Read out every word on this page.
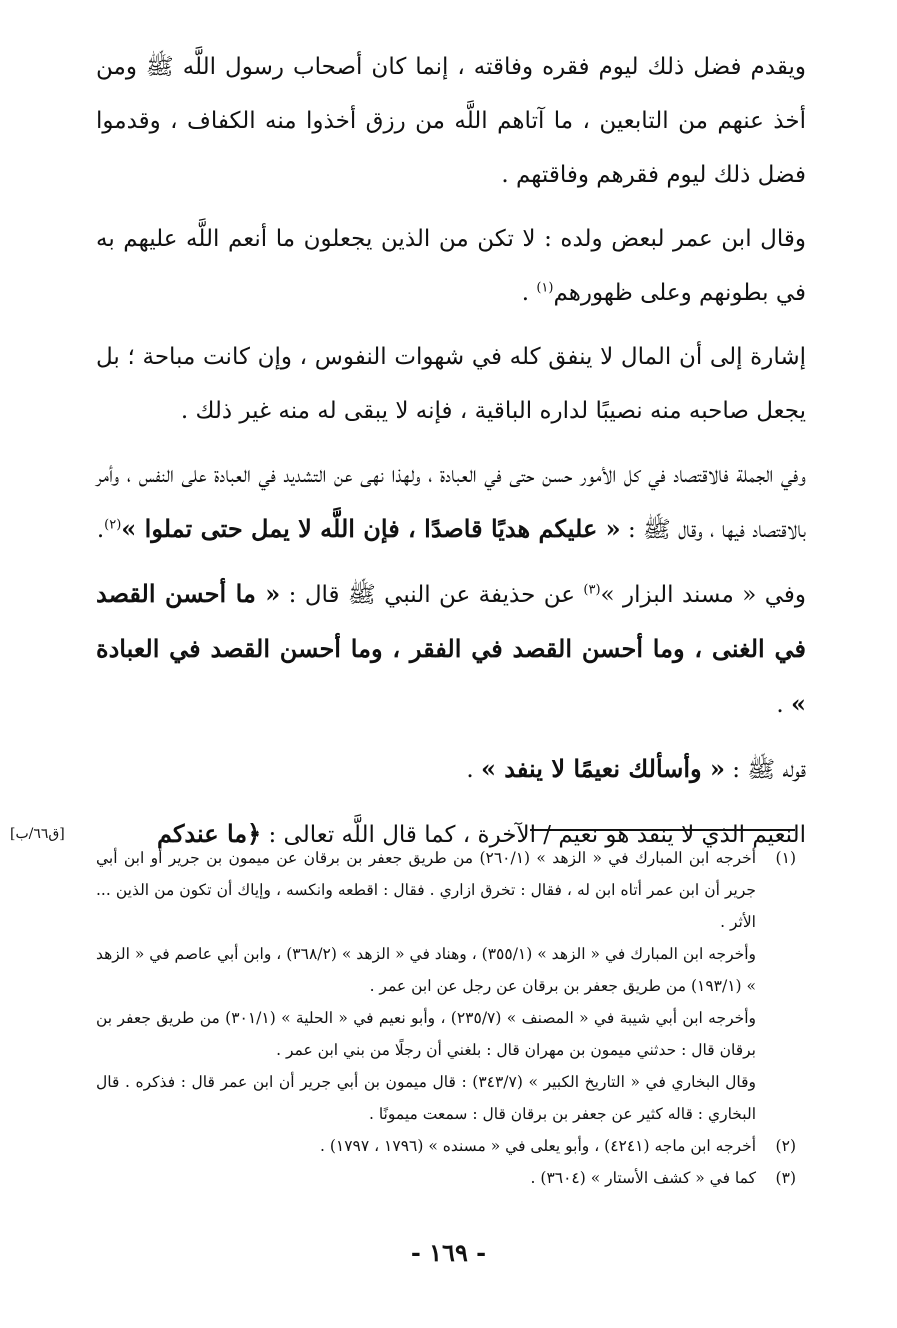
ويقدم فضل ذلك ليوم فقره وفاقته ، إنما كان أصحاب رسول اللَّه ﷺ ومن أخذ عنهم من التابعين ، ما آتاهم اللَّه من رزق أخذوا منه الكفاف ، وقدموا فضل ذلك ليوم فقرهم وفاقتهم .

وقال ابن عمر لبعض ولده : لا تكن من الذين يجعلون ما أنعم اللَّه عليهم به في بطونهم وعلى ظهورهم$^{(١)}$ .

إشارة إلى أن المال لا ينفق كله في شهوات النفوس ، وإن كانت مباحة ؛ بل يجعل صاحبه منه نصيبًا لداره الباقية ، فإنه لا يبقى له منه غير ذلك .

وفي الجملة فالاقتصاد في كل الأمور حسن حتى في العبادة ، ولهذا نهى عن التشديد في العبادة على النفس ، وأمر بالاقتصاد فيها ، وقال ﷺ : « عليكم هديًا قاصدًا ، فإن اللَّه لا يمل حتى تملوا »$^{(٢)}$.

وفي « مسند البزار »$^{(٣)}$ عن حذيفة عن النبي ﷺ قال : « ما أحسن القصد في الغنى ، وما أحسن القصد في الفقر ، وما أحسن القصد في العبادة » .

قوله ﷺ : « وأسألك نعيمًا لا ينفد » .

النعيم الذي لا ينفد هو نعيم / الآخرة ، كما قال اللَّه تعالى : ﴿ما عندكم
[ق٦٦/ب]

(١)
أخرجه ابن المبارك في « الزهد » (٢٦٠/١) من طريق جعفر بن برقان عن ميمون بن جرير أو ابن أبي جرير أن ابن عمر أتاه ابن له ، فقال : تخرق ازاري . فقال : اقطعه وانكسه ، وإياك أن تكون من الذين ... الأثر .
وأخرجه ابن المبارك في « الزهد » (٣٥٥/١) ، وهناد في « الزهد » (٣٦٨/٢) ، وابن أبي عاصم في « الزهد » (١٩٣/١) من طريق جعفر بن برقان عن رجل عن ابن عمر .
وأخرجه ابن أبي شيبة في « المصنف » (٢٣٥/٧) ، وأبو نعيم في « الحلية » (٣٠١/١) من طريق جعفر بن برقان قال : حدثني ميمون بن مهران قال : بلغني أن رجلًا من بني ابن عمر .
وقال البخاري في « التاريخ الكبير » (٣٤٣/٧) : قال ميمون بن أبي جرير أن ابن عمر قال : فذكره . قال البخاري : قاله كثير عن جعفر بن برقان قال : سمعت ميمونًا .
(٢)
أخرجه ابن ماجه (٤٢٤١) ، وأبو يعلى في « مسنده » (١٧٩٦ ، ١٧٩٧) .
(٣)
كما في « كشف الأستار » (٣٦٠٤) .
- ١٦٩ -
